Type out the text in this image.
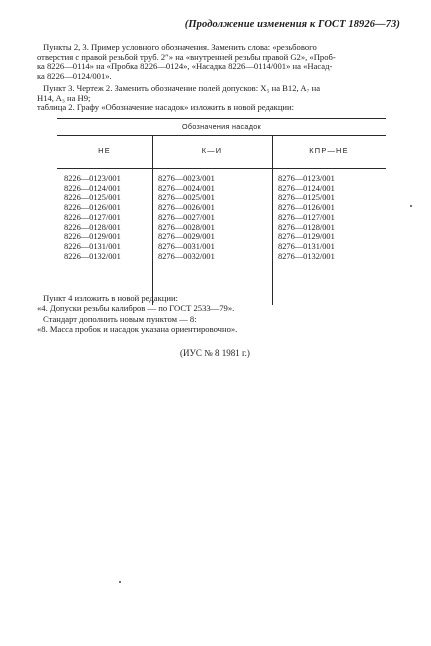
(Продолжение изменения к ГОСТ 18926—73)
Пункты 2, 3. Пример условного обозначения. Заменить слова: «резьбового
отверстия с правой резьбой труб. 2″» на «внутренней резьбы правой G2», «Проб-
ка 8226—0114» на «Пробка 8226—0124», «Насадка 8226—0114/001» на «Насад-
ка 8226—0124/001».
Пункт 3. Чертеж 2. Заменить обозначение полей допусков: X₅ на B12, A₇ на
H14, A₃ на H9;
таблица 2. Графу «Обозначение насадок» изложить в новой редакции:
Обозначения насадок
НЕ	К—И	КПР—НЕ
8226—0123/001
8226—0124/001
8226—0125/001
8226—0126/001
8226—0127/001
8226—0128/001
8226—0129/001
8226—0131/001
8226—0132/001
8276—0023/001
8276—0024/001
8276—0025/001
8276—0026/001
8276—0027/001
8276—0028/001
8276—0029/001
8276—0031/001
8276—0032/001
8276—0123/001
8276—0124/001
8276—0125/001
8276—0126/001
8276—0127/001
8276—0128/001
8276—0129/001
8276—0131/001
8276—0132/001
Пункт 4 изложить в новой редакции:
«4. Допуски резьбы калибров — по ГОСТ 2533—79».
Стандарт дополнить новым пунктом — 8:
«8. Масса пробок и насадок указана ориентировочно».
(ИУС № 8 1981 г.)
